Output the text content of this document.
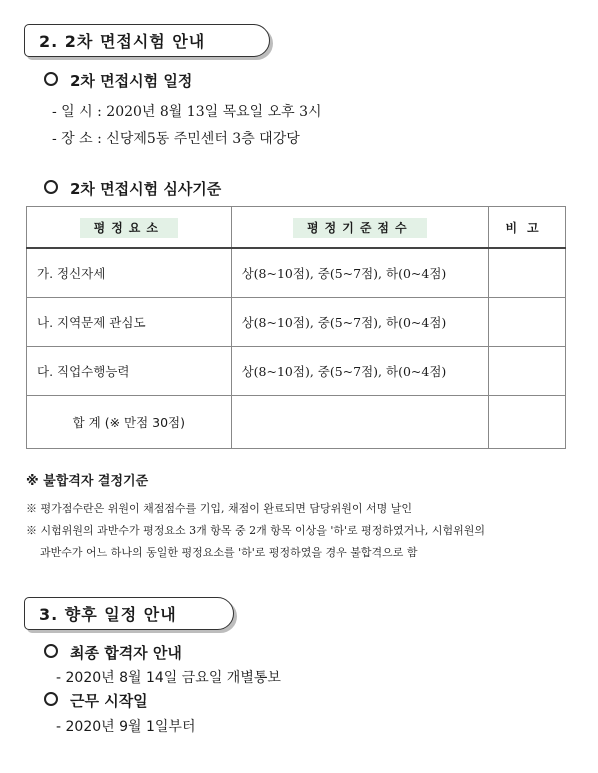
2. 2차 면접시험 안내
2차 면접시험 일정
- 일 시 : 2020년 8월 13일 목요일 오후 3시
- 장 소 : 신당제5동 주민센터 3층 대강당
2차 면접시험 심사기준
평정요소	평정기준점수	비고
가. 정신자세	상(8~10점), 중(5~7점), 하(0~4점)	
나. 지역문제 관심도	상(8~10점), 중(5~7점), 하(0~4점)	
다. 직업수행능력	상(8~10점), 중(5~7점), 하(0~4점)	
합 계 (※ 만점 30점)		
※ 불합격자 결정기준
※ 평가점수란은 위원이 채점점수를 기입, 채점이 완료되면 담당위원이 서명 날인
※ 시험위원의 과반수가 평정요소 3개 항목 중 2개 항목 이상을 '하'로 평정하였거나, 시험위원의
과반수가 어느 하나의 동일한 평정요소를 '하'로 평정하였을 경우 불합격으로 함
3. 향후 일정 안내
최종 합격자 안내
- 2020년 8월 14일 금요일 개별통보
근무 시작일
- 2020년 9월 1일부터
